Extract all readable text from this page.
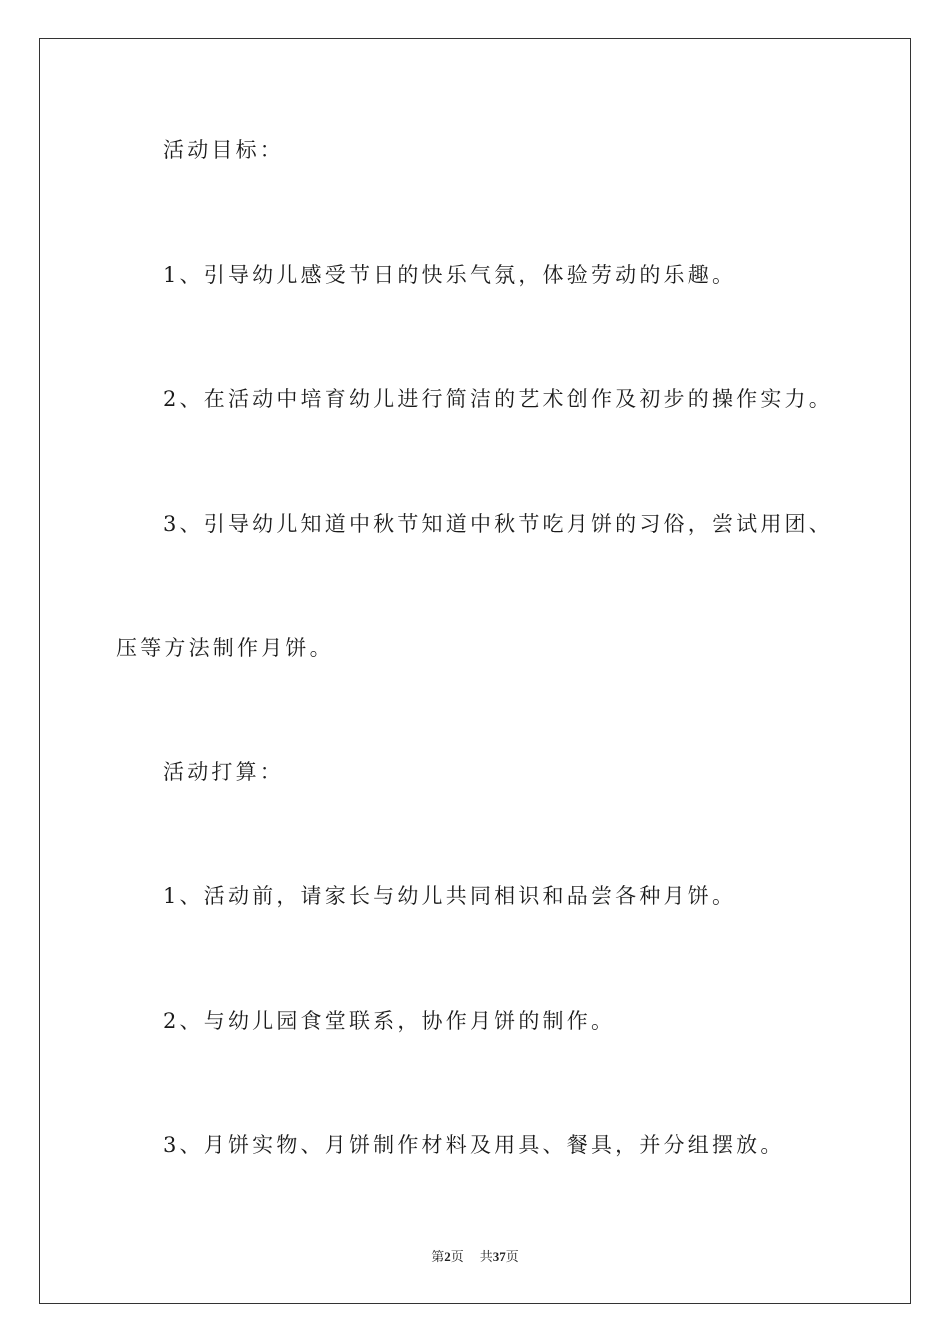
活动目标：
1、引导幼儿感受节日的快乐气氛，体验劳动的乐趣。
2、在活动中培育幼儿进行简洁的艺术创作及初步的操作实力。
3、引导幼儿知道中秋节知道中秋节吃月饼的习俗，尝试用团、
压等方法制作月饼。
活动打算：
1、活动前，请家长与幼儿共同相识和品尝各种月饼。
2、与幼儿园食堂联系，协作月饼的制作。
3、月饼实物、月饼制作材料及用具、餐具，并分组摆放。
第2页 共37页
